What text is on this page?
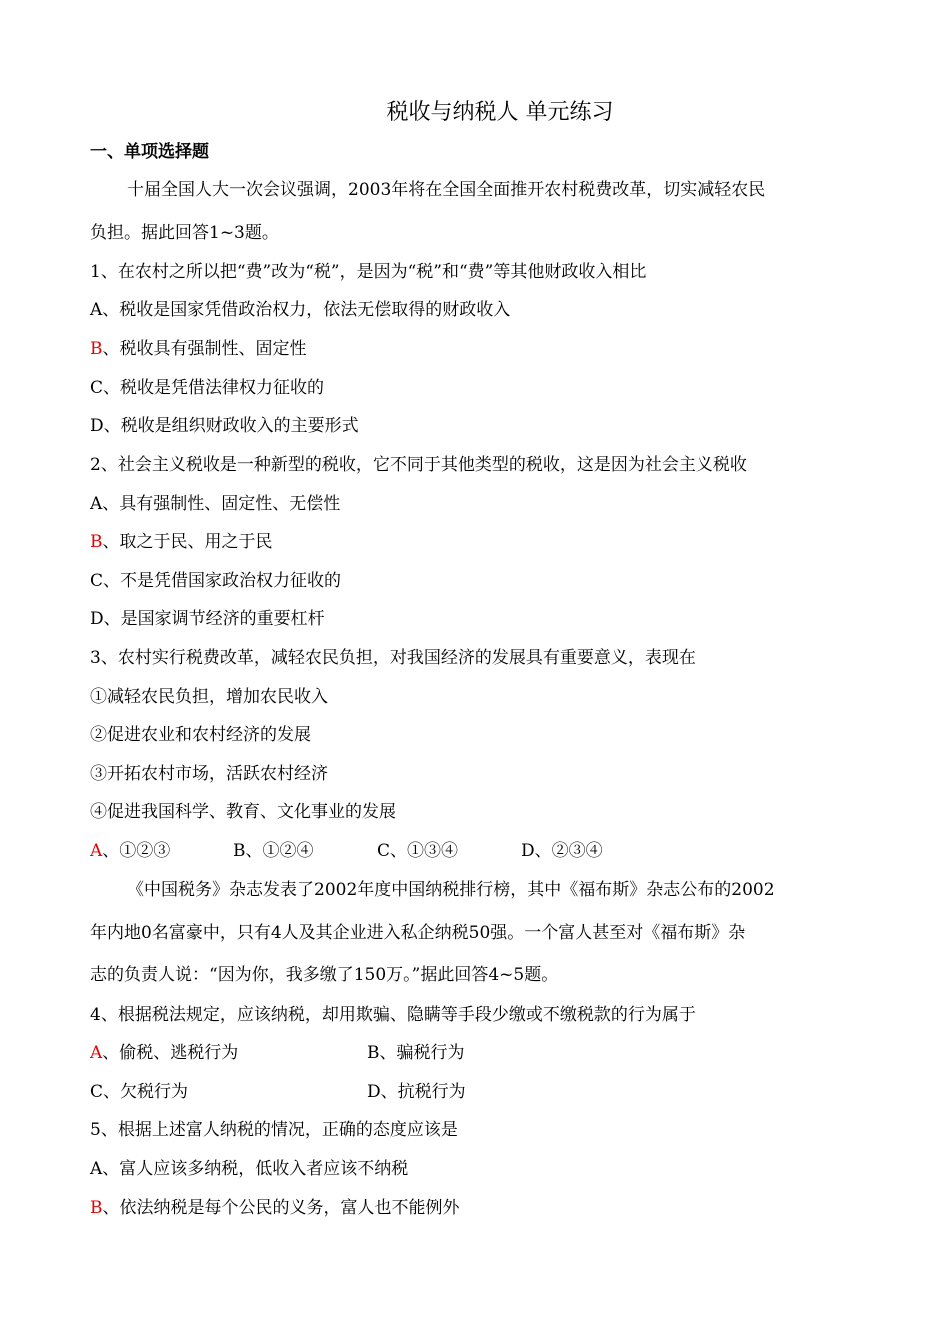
税收与纳税人 单元练习
一、单项选择题
十届全国人大一次会议强调，2003年将在全国全面推开农村税费改革，切实减轻农民
负担。据此回答1~3题。
1、在农村之所以把“费”改为“税”，是因为“税”和“费”等其他财政收入相比
A、税收是国家凭借政治权力，依法无偿取得的财政收入
B、税收具有强制性、固定性
C、税收是凭借法律权力征收的
D、税收是组织财政收入的主要形式
2、社会主义税收是一种新型的税收，它不同于其他类型的税收，这是因为社会主义税收
A、具有强制性、固定性、无偿性
B、取之于民、用之于民
C、不是凭借国家政治权力征收的
D、是国家调节经济的重要杠杆
3、农村实行税费改革，减轻农民负担，对我国经济的发展具有重要意义，表现在
①减轻农民负担，增加农民收入
②促进农业和农村经济的发展
③开拓农村市场，活跃农村经济
④促进我国科学、教育、文化事业的发展
A、①②③	B、①②④	C、①③④	D、②③④
《中国税务》杂志发表了2002年度中国纳税排行榜，其中《福布斯》杂志公布的2002
年内地0名富豪中，只有4人及其企业进入私企纳税50强。一个富人甚至对《福布斯》杂
志的负责人说：“因为你，我多缴了150万。”据此回答4~5题。
4、根据税法规定，应该纳税，却用欺骗、隐瞒等手段少缴或不缴税款的行为属于
A、偷税、逃税行为	B、骗税行为
C、欠税行为	D、抗税行为
5、根据上述富人纳税的情况，正确的态度应该是
A、富人应该多纳税，低收入者应该不纳税
B、依法纳税是每个公民的义务，富人也不能例外
